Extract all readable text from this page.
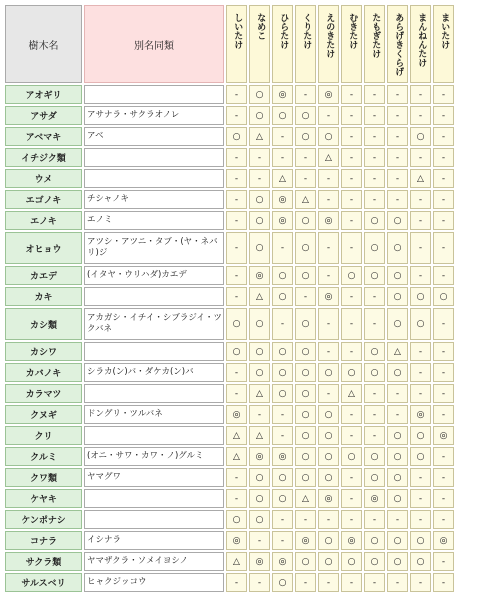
樹木名	別名同類	しいたけ	なめこ	ひらたけ	くりたけ	えのきたけ	むきたけ	たもぎたけ	あらげきくらげ	まんねんたけ	まいたけ

アオギリ		-	○	◎	-	◎	-	-	-	-	-
アサダ	アサナラ・サクラオノレ	-	○	○	○	-	-	-	-	-	-
アベマキ	アベ	○	△	-	○	○	-	-	-	○	-
イチジク類		-	-	-	-	△	-	-	-	-	-
ウメ		-	-	△	-	-	-	-	-	△	-
エゴノキ	チシャノキ	-	○	◎	△	-	-	-	-	-	-
エノキ	エノミ	-	○	◎	○	◎	-	○	○	-	-
オヒョウ	アツシ・アツニ・タブ・(ヤ・ネバリ)ジ	-	○	-	○	-	-	○	○	-	-
カエデ	(イタヤ・ウリハダ)カエデ	-	◎	○	○	-	○	○	○	-	-
カキ		-	△	○	-	◎	-	-	○	○	○
カシ類	アカガシ・イチイ・シブラジイ・ツクバネ	○	○	-	○	-	-	-	○	○	-
カシワ		○	○	○	○	-	-	○	△	-	-
カバノキ	シラカ(ン)バ・ダケカ(ン)バ	-	○	○	○	○	○	○	○	-	-
カラマツ		-	△	○	○	-	△	-	-	-	-
クヌギ	ドングリ・ツルバネ	◎	-	-	○	○	-	-	-	◎	-
クリ		△	△	-	○	○	-	-	○	○	◎
クルミ	(オニ・サワ・カワ・ノ)グルミ	△	◎	◎	○	○	○	○	○	○	-
クワ類	ヤマグワ	-	○	○	○	○	-	○	○	-	-
ケヤキ		-	○	○	△	◎	-	◎	○	-	-
ケンポナシ		○	○	-	-	-	-	-	-	-	-
コナラ	イシナラ	◎	-	-	◎	○	◎	○	○	○	◎
サクラ類	ヤマザクラ・ソメイヨシノ	△	◎	◎	○	○	○	○	○	○	-
サルスベリ	ヒャクジッコウ	-	-	○	-	-	-	-	-	-	-
